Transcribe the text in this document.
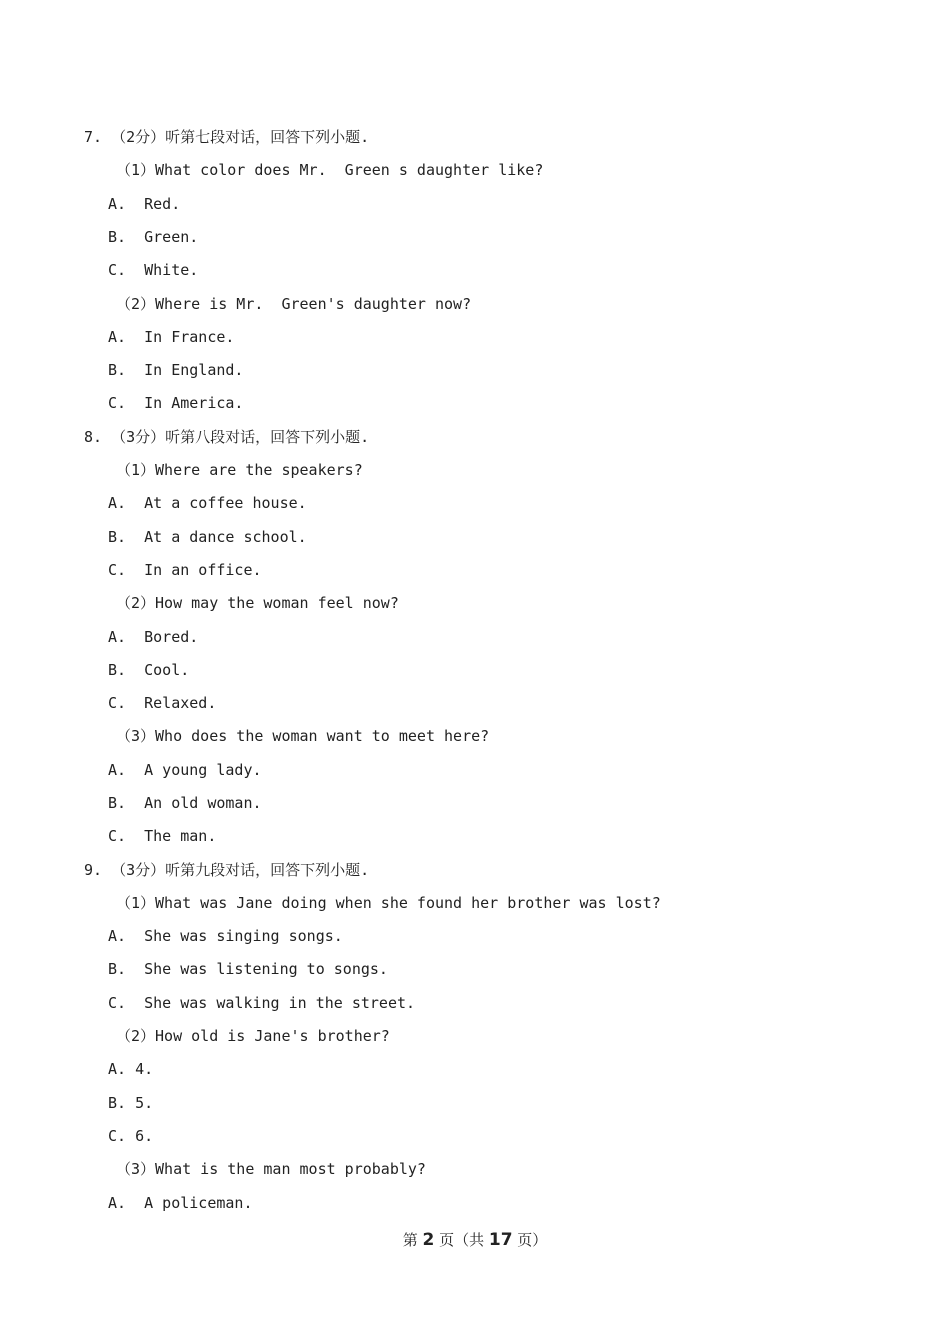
7. （2分）听第七段对话，回答下列小题.
（1）What color does Mr.  Green s daughter like?
A.  Red.
B.  Green.
C.  White.
（2）Where is Mr.  Green's daughter now?
A.  In France.
B.  In England.
C.  In America.
8. （3分）听第八段对话，回答下列小题.
（1）Where are the speakers?
A.  At a coffee house.
B.  At a dance school.
C.  In an office.
（2）How may the woman feel now?
A.  Bored.
B.  Cool.
C.  Relaxed.
（3）Who does the woman want to meet here?
A.  A young lady.
B.  An old woman.
C.  The man.
9. （3分）听第九段对话，回答下列小题.
（1）What was Jane doing when she found her brother was lost?
A.  She was singing songs.
B.  She was listening to songs.
C.  She was walking in the street.
（2）How old is Jane's brother?
A. 4.
B. 5.
C. 6.
（3）What is the man most probably?
A.  A policeman.
第 2 页（共 17 页）
